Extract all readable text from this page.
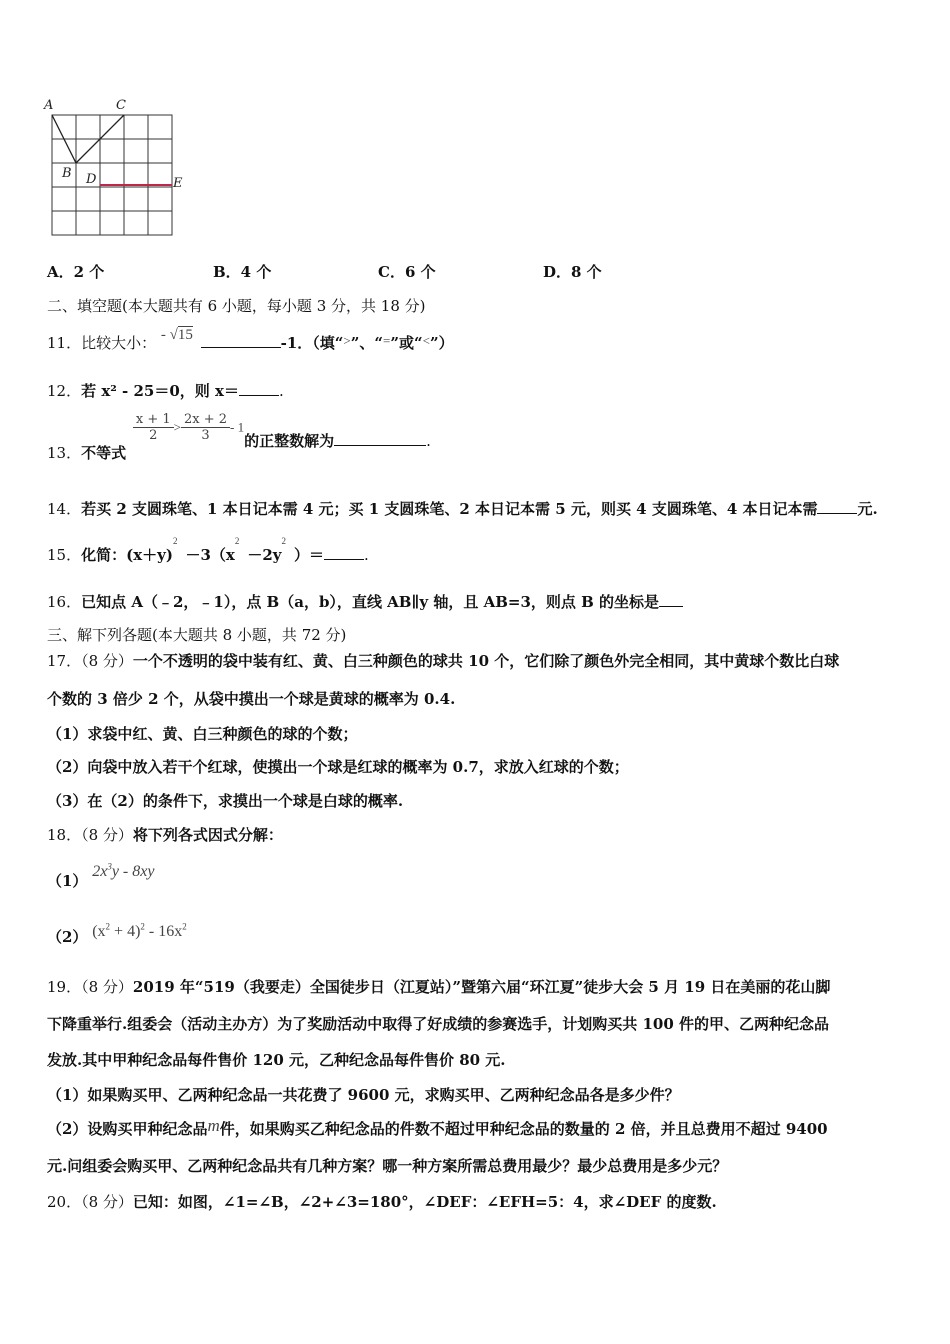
A	C
B D	E
A．2 个	B．4 个	C．6 个	D．8 个
二、填空题(本大题共有 6 小题，每小题 3 分，共 18 分)
11．比较大小： - √15	-1．（填“>”、“=”或“<”）
12．若 x² - 25＝0，则 x＝	.
13．不等式
$\frac{x + 1}{2} > \frac{2x + 2}{3} - 1$的正整数解为	.
14．若买 2 支圆珠笔、1 本日记本需 4 元；买 1 支圆珠笔、2 本日记本需 5 元，则买 4 支圆珠笔、4 本日记本需	元.
15．化简：$(x+y)^2-3(x^2-2y^2)=$	.
16．已知点 A（﹣2，﹣1），点 B（a，b），直线 AB∥y 轴，且 AB=3，则点 B 的坐标是
三、解下列各题(本大题共 8 小题，共 72 分)
17．（8 分）一个不透明的袋中装有红、黄、白三种颜色的球共 10 个，它们除了颜色外完全相同，其中黄球个数比白球
个数的 3 倍少 2 个，从袋中摸出一个球是黄球的概率为 0.4.
（1）求袋中红、黄、白三种颜色的球的个数；
（2）向袋中放入若干个红球，使摸出一个球是红球的概率为 0.7，求放入红球的个数；
（3）在（2）的条件下，求摸出一个球是白球的概率.
18．（8 分）将下列各式因式分解：
（1） $2x^3y - 8xy$
（2） $(x^2 + 4)^2 - 16x^2$
19．（8 分）2019 年“519（我要走）全国徒步日（江夏站）”暨第六届“环江夏”徒步大会 5 月 19 日在美丽的花山脚
下降重举行.组委会（活动主办方）为了奖励活动中取得了好成绩的参赛选手，计划购买共 100 件的甲、乙两种纪念品
发放.其中甲种纪念品每件售价 120 元，乙种纪念品每件售价 80 元.
（1）如果购买甲、乙两种纪念品一共花费了 9600 元，求购买甲、乙两种纪念品各是多少件？
（2）设购买甲种纪念品m件，如果购买乙种纪念品的件数不超过甲种纪念品的数量的 2 倍，并且总费用不超过 9400
元.问组委会购买甲、乙两种纪念品共有几种方案？哪一种方案所需总费用最少？最少总费用是多少元？
20．（8 分）已知：如图，∠1=∠B，∠2+∠3=180°，∠DEF：∠EFH=5：4，求∠DEF 的度数.
